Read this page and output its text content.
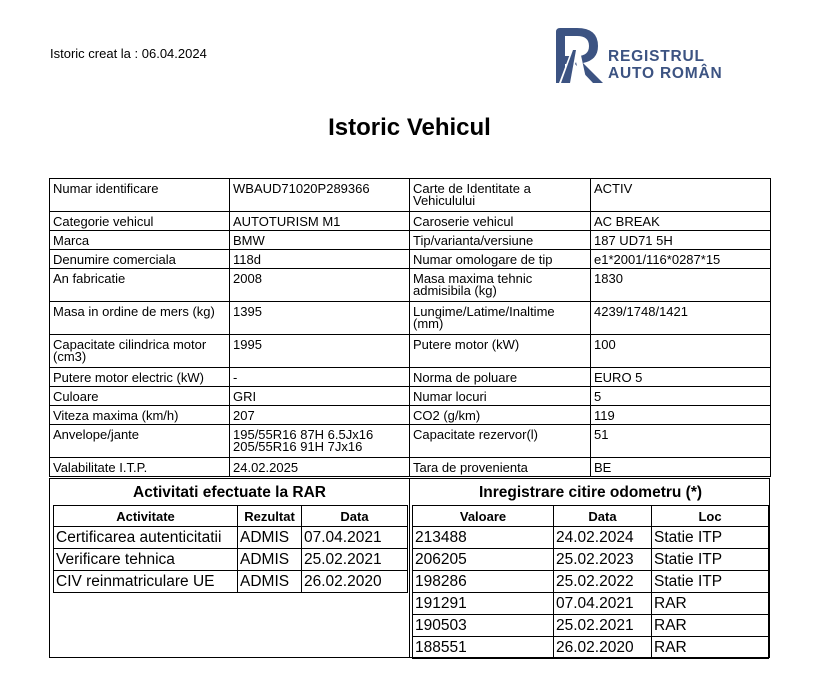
Istoric creat la : 06.04.2024	REGISTRUL
AUTO ROMÂN
Istoric Vehicul
Numar identificare	WBAUD71020P289366	Carte de Identitate a Vehiculului	ACTIV
Categorie vehicul	AUTOTURISM M1	Caroserie vehicul	AC BREAK
Marca	BMW	Tip/varianta/versiune	187 UD71 5H
Denumire comerciala	118d	Numar omologare de tip	e1*2001/116*0287*15
An fabricatie	2008	Masa maxima tehnic admisibila (kg)	1830
Masa in ordine de mers (kg)	1395	Lungime/Latime/Inaltime (mm)	4239/1748/1421
Capacitate cilindrica motor (cm3)	1995	Putere motor (kW)	100
Putere motor electric (kW)	-	Norma de poluare	EURO 5
Culoare	GRI	Numar locuri	5
Viteza maxima (km/h)	207	CO2 (g/km)	119
Anvelope/jante	195/55R16 87H 6.5Jx16 205/55R16 91H 7Jx16	Capacitate rezervor(l)	51
Valabilitate I.T.P.	24.02.2025	Tara de provenienta	BE
Activitati efectuate la RAR	Inregistrare citire odometru (*)
Activitate	Rezultat	Data
Certificarea autenticitatii	ADMIS	07.04.2021
Verificare tehnica	ADMIS	25.02.2021
CIV reinmatriculare UE	ADMIS	26.02.2020
Valoare	Data	Loc
213488	24.02.2024	Statie ITP
206205	25.02.2023	Statie ITP
198286	25.02.2022	Statie ITP
191291	07.04.2021	RAR
190503	25.02.2021	RAR
188551	26.02.2020	RAR
